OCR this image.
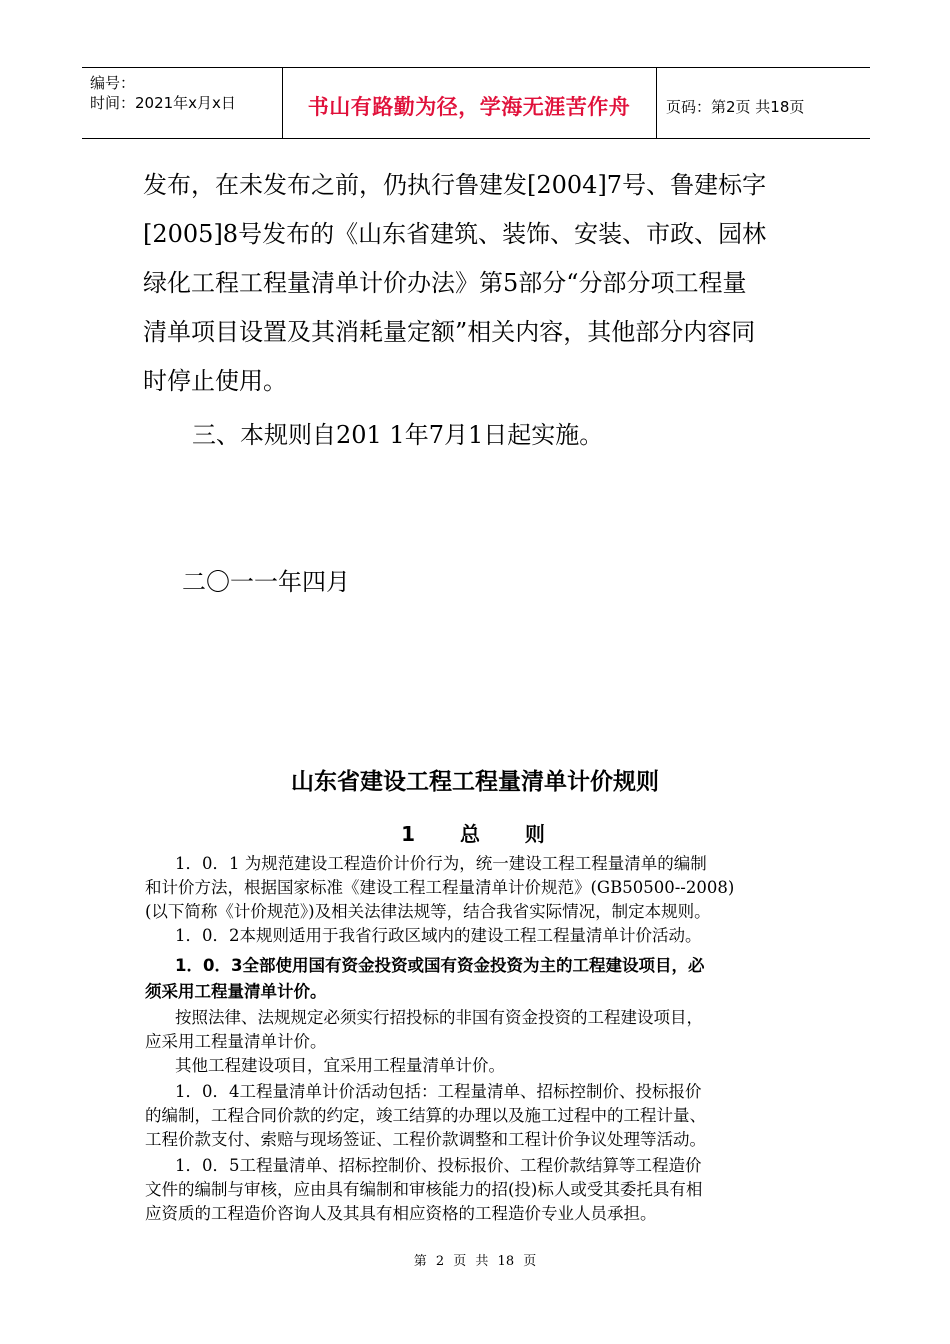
编号：
时间：2021年x月x日	书山有路勤为径，学海无涯苦作舟 页码：第2页 共18页
发布，在未发布之前，仍执行鲁建发[2004]7号、鲁建标字
[2005]8号发布的《山东省建筑、装饰、安装、市政、园林
绿化工程工程量清单计价办法》第5部分“分部分项工程量
清单项目设置及其消耗量定额”相关内容，其他部分内容同
时停止使用。
三、本规则自201 1年7月1日起实施。
二〇一一年四月
山东省建设工程工程量清单计价规则
1 总 则
1．0．1 为规范建设工程造价计价行为，统一建设工程工程量清单的编制
和计价方法，根据国家标准《建设工程工程量清单计价规范》(GB50500--2008)
(以下简称《计价规范》)及相关法律法规等，结合我省实际情况，制定本规则。
1．0．2本规则适用于我省行政区域内的建设工程工程量清单计价活动。
1．0．3全部使用国有资金投资或国有资金投资为主的工程建设项目，必
须采用工程量清单计价。
按照法律、法规规定必须实行招投标的非国有资金投资的工程建设项目，
应采用工程量清单计价。
其他工程建设项目，宜采用工程量清单计价。
1．0．4工程量清单计价活动包括：工程量清单、招标控制价、投标报价
的编制，工程合同价款的约定，竣工结算的办理以及施工过程中的工程计量、
工程价款支付、索赔与现场签证、工程价款调整和工程计价争议处理等活动。
1．0．5工程量清单、招标控制价、投标报价、工程价款结算等工程造价
文件的编制与审核，应由具有编制和审核能力的招(投)标人或受其委托具有相
应资质的工程造价咨询人及其具有相应资格的工程造价专业人员承担。
第 2 页 共 18 页
